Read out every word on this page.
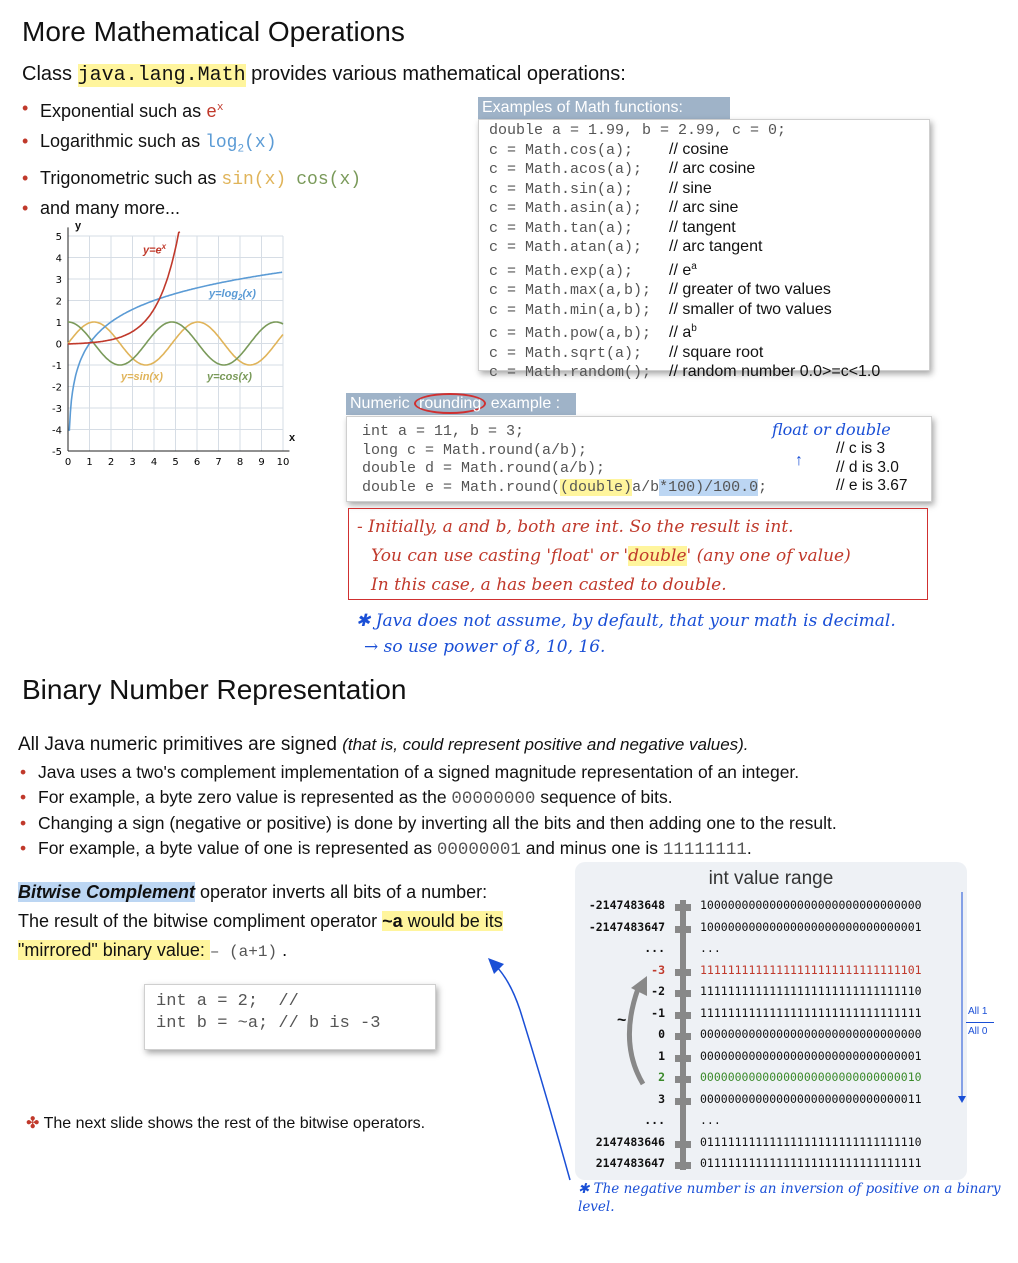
More Mathematical Operations
Class java.lang.Math provides various mathematical operations:
• Exponential such as $e^x$
• Logarithmic such as $\log_2(x)$
• Trigonometric such as sin(x) cos(x)
• and many more...
5
4
3
2
1
0
-1
-2
-3
-4
-5
0 1 2 3 4 5 6 7 8 9 10
y
x
$y=e^x$
$y=\log_2(x)$
y=sin(x)	y=cos(x)
Examples of Math functions:
double a = 1.99, b = 2.99, c = 0;
c = Math.cos(a);    // cosine
c = Math.acos(a);   // arc cosine
c = Math.sin(a);    // sine
c = Math.asin(a);   // arc sine
c = Math.tan(a);    // tangent
c = Math.atan(a);   // arc tangent
c = Math.exp(a);    // $e^a$
c = Math.max(a,b);  // greater of two values
c = Math.min(a,b);  // smaller of two values
c = Math.pow(a,b);  // $a^b$
c = Math.sqrt(a);   // square root
c = Math.random();  // random number 0.0>=c<1.0
Numeric rounding example :
int a = 11, b = 3;
long c = Math.round(a/b);
double d = Math.round(a/b);
double e = Math.round((double)a/b*100)/100.0;
// c is 3
// d is 3.0
// e is 3.67
float or double
↑
- Initially, a and b, both are int. So the result is int.
You can use casting 'float' or 'double' (any one of value)
In this case, a has been casted to double.
✱ Java does not assume, by default, that your math is decimal.
→ so use power of 8, 10, 16.
Binary Number Representation
All Java numeric primitives are signed (that is, could represent positive and negative values).
• Java uses a two's complement implementation of a signed magnitude representation of an integer.
• For example, a byte zero value is represented as the 00000000 sequence of bits.
• Changing a sign (negative or positive) is done by inverting all the bits and then adding one to the result.
• For example, a byte value of one is represented as 00000001 and minus one is 11111111.
Bitwise Complement operator inverts all bits of a number:
The result of the bitwise compliment operator ~a would be its
"mirrored" binary value: – (a+1) .
int a = 2;  //
int b = ~a; // b is -3
✤ The next slide shows the rest of the bitwise operators.
int value range
-2147483648	10000000000000000000000000000000
-2147483647	10000000000000000000000000000001
...	...
-3	11111111111111111111111111111101
-2	11111111111111111111111111111110
-1	11111111111111111111111111111111
0	00000000000000000000000000000000
1	00000000000000000000000000000001
2	00000000000000000000000000000010
3	00000000000000000000000000000011
...	...
2147483646	01111111111111111111111111111110
2147483647	01111111111111111111111111111111
~
All 1
All 0
✱ The negative number is an inversion of positive on a binary level.
